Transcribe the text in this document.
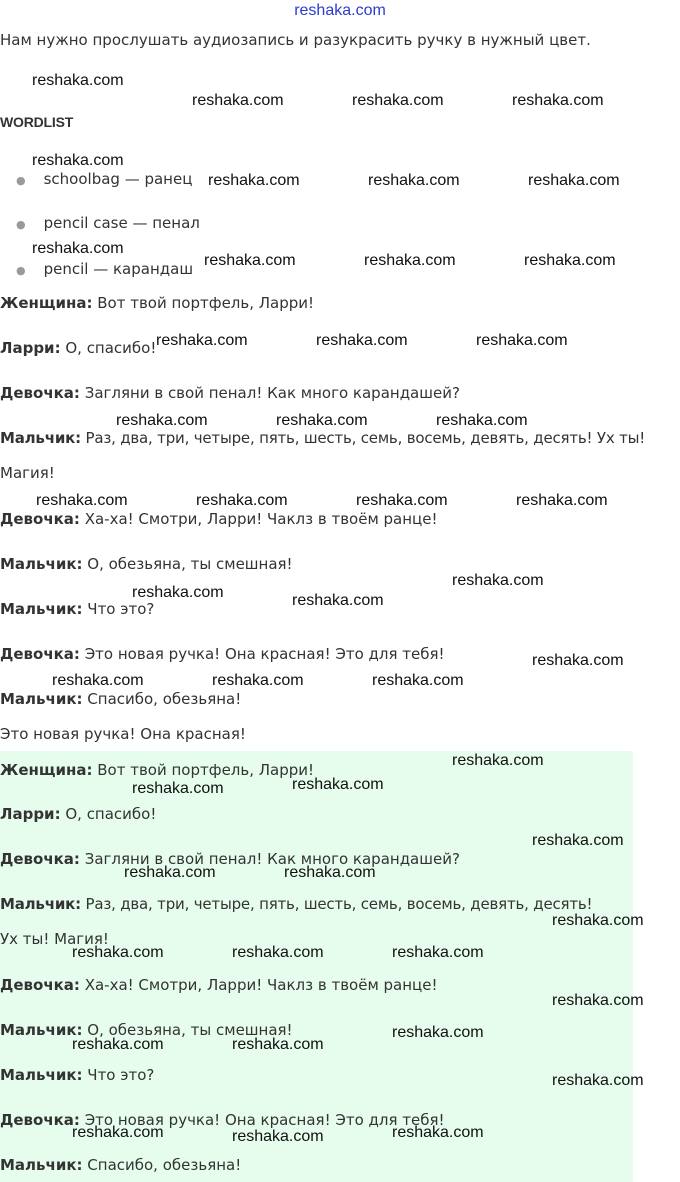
reshaka.com
Нам нужно прослушать аудиозапись и разукрасить ручку в нужный цвет.
WORDLIST
● schoolbag — ранец
● pencil case — пенал
● pencil — карандаш
Женщина: Вот твой портфель, Ларри!
Ларри: О, спасибо!
Девочка: Загляни в свой пенал! Как много карандашей?
Мальчик: Раз, два, три, четыре, пять, шесть, семь, восемь, девять, десять! Ух ты!
Магия!
Девочка: Ха-ха! Смотри, Ларри! Чаклз в твоём ранце!
Мальчик: О, обезьяна, ты смешная!
Мальчик: Что это?
Девочка: Это новая ручка! Она красная! Это для тебя!
Мальчик: Спасибо, обезьяна!
Это новая ручка! Она красная!
Женщина: Вот твой портфель, Ларри!
Ларри: О, спасибо!
Девочка: Загляни в свой пенал! Как много карандашей?
Мальчик: Раз, два, три, четыре, пять, шесть, семь, восемь, девять, десять!
Ух ты! Магия!
Девочка: Ха-ха! Смотри, Ларри! Чаклз в твоём ранце!
Мальчик: О, обезьяна, ты смешная!
Мальчик: Что это?
Девочка: Это новая ручка! Она красная! Это для тебя!
Мальчик: Спасибо, обезьяна!
reshaka.com
reshaka.com	reshaka.com	reshaka.com
reshaka.com
reshaka.com	reshaka.com	reshaka.com
reshaka.com
reshaka.com	reshaka.com	reshaka.com
reshaka.com	reshaka.com	reshaka.com
reshaka.com	reshaka.com	reshaka.com
reshaka.com	reshaka.com	reshaka.com	reshaka.com
reshaka.com
reshaka.com	reshaka.com
reshaka.com
reshaka.com	reshaka.com	reshaka.com
reshaka.com
reshaka.com	reshaka.com
reshaka.com
reshaka.com	reshaka.com
reshaka.com
reshaka.com	reshaka.com	reshaka.com
reshaka.com
reshaka.com
reshaka.com	reshaka.com
reshaka.com
reshaka.com	reshaka.com	reshaka.com
